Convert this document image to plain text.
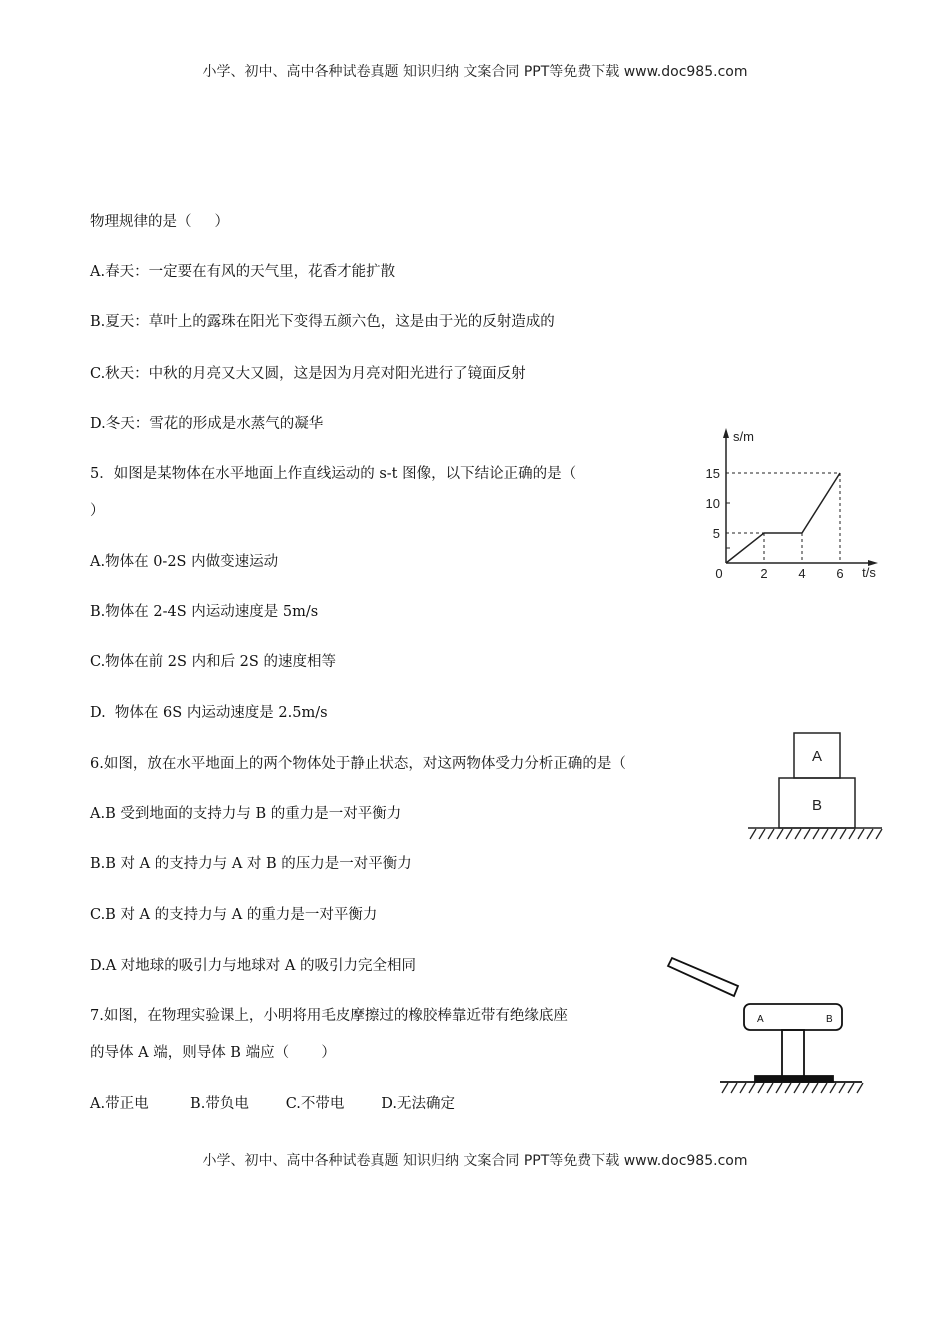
小学、初中、高中各种试卷真题 知识归纳 文案合同 PPT等免费下载 www.doc985.com
物理规律的是（     ）
A.春天：一定要在有风的天气里，花香才能扩散
B.夏天：草叶上的露珠在阳光下变得五颜六色，这是由于光的反射造成的
C.秋天：中秋的月亮又大又圆，这是因为月亮对阳光进行了镜面反射
D.冬天：雪花的形成是水蒸气的凝华
5．如图是某物体在水平地面上作直线运动的 s-t 图像，以下结论正确的是（
）
A.物体在 0-2S 内做变速运动
B.物体在 2-4S 内运动速度是 5m/s
C.物体在前 2S 内和后 2S 的速度相等
D.  物体在 6S 内运动速度是 2.5m/s
6.如图，放在水平地面上的两个物体处于静止状态，对这两物体受力分析正确的是（
A.B 受到地面的支持力与 B 的重力是一对平衡力
B.B 对 A 的支持力与 A 对 B 的压力是一对平衡力
C.B 对 A 的支持力与 A 的重力是一对平衡力
D.A 对地球的吸引力与地球对 A 的吸引力完全相同
7.如图，在物理实验课上，小明将用毛皮摩擦过的橡胶棒靠近带有绝缘底座
的导体 A 端，则导体 B 端应（       ）
A.带正电         B.带负电        C.不带电        D.无法确定
0	2 4 6
5
10
15
s/m
t/s
A
B
A	B
小学、初中、高中各种试卷真题 知识归纳 文案合同 PPT等免费下载 www.doc985.com
